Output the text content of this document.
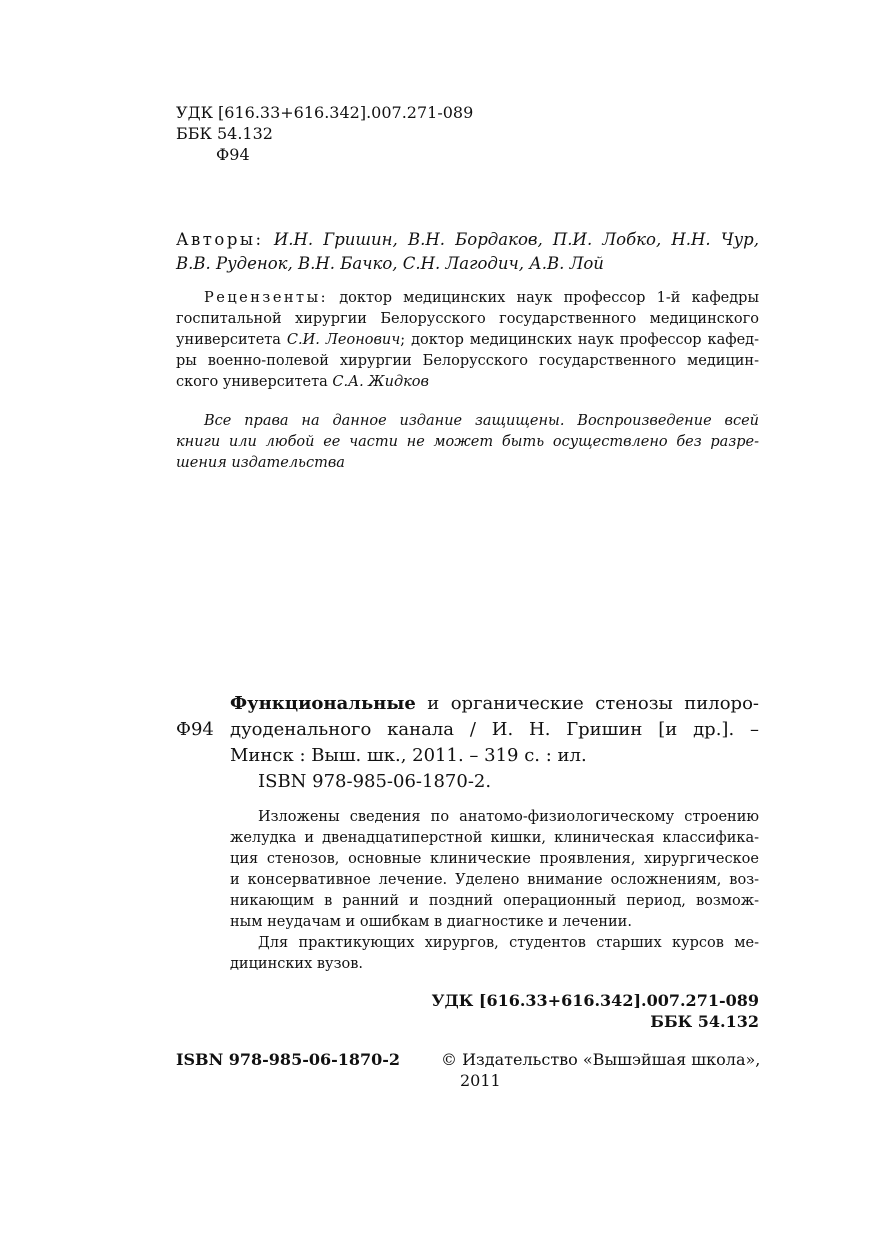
УДК [616.33+616.342].007.271-089
ББК 54.132
Ф94
Авторы: И.Н. Гришин, В.Н. Бордаков, П.И. Лобко, Н.Н. Чур,
В.В. Руденок, В.Н. Бачко, С.Н. Лагодич, А.В. Лой
Рецензенты: доктор медицинских наук профессор 1-й кафедры
госпитальной хирургии Белорусского государственного медицинского
университета С.И. Леонович; доктор медицинских наук профессор кафед-
ры военно-полевой хирургии Белорусского государственного медицин-
ского университета С.А. Жидков
Все права на данное издание защищены. Воспроизведение всей
книги или любой ее части не может быть осуществлено без разре-
шения издательства
Ф94
Функциональные и органические стенозы пилоро-
дуоденального канала / И. Н. Гришин [и др.]. –
Минск : Выш. шк., 2011. – 319 с. : ил.
ISBN 978-985-06-1870-2.
Изложены сведения по анатомо-физиологическому строению
желудка и двенадцатиперстной кишки, клиническая классифика-
ция стенозов, основные клинические проявления, хирургическое
и консервативное лечение. Уделено внимание осложнениям, воз-
никающим в ранний и поздний операционный период, возмож-
ным неудачам и ошибкам в диагностике и лечении.
Для практикующих хирургов, студентов старших курсов ме-
дицинских вузов.
УДК [616.33+616.342].007.271-089
ББК 54.132
ISBN 978-985-06-1870-2	© Издательство «Вышэйшая школа»,
2011
